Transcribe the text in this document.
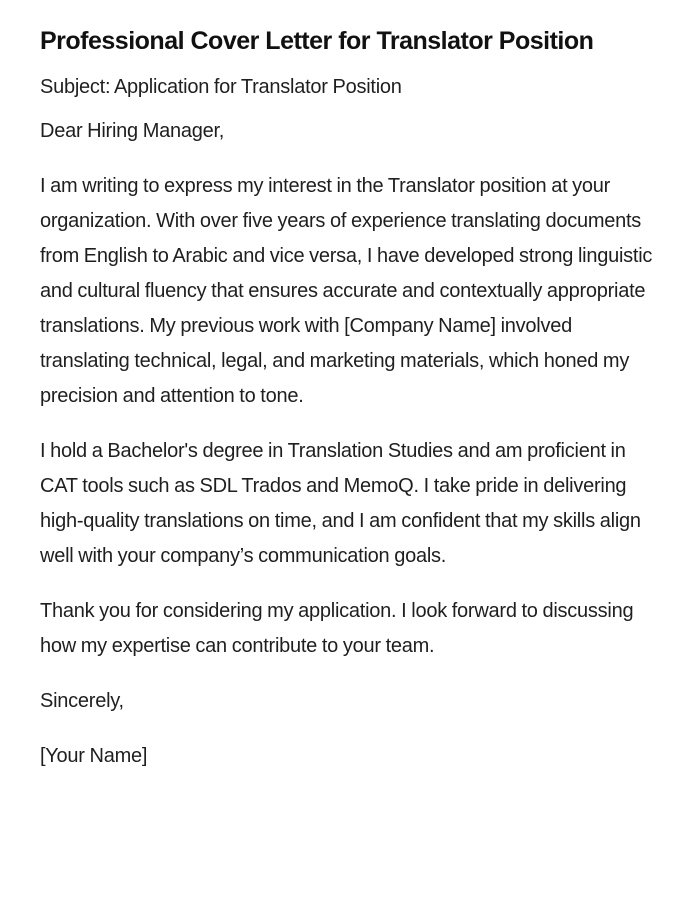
Professional Cover Letter for Translator Position

Subject: Application for Translator Position

Dear Hiring Manager,

I am writing to express my interest in the Translator position at your organization. With over five years of experience translating documents from English to Arabic and vice versa, I have developed strong linguistic and cultural fluency that ensures accurate and contextually appropriate translations. My previous work with [Company Name] involved translating technical, legal, and marketing materials, which honed my precision and attention to tone.

I hold a Bachelor's degree in Translation Studies and am proficient in CAT tools such as SDL Trados and MemoQ. I take pride in delivering high-quality translations on time, and I am confident that my skills align well with your company’s communication goals.

Thank you for considering my application. I look forward to discussing how my expertise can contribute to your team.

Sincerely,

[Your Name]
